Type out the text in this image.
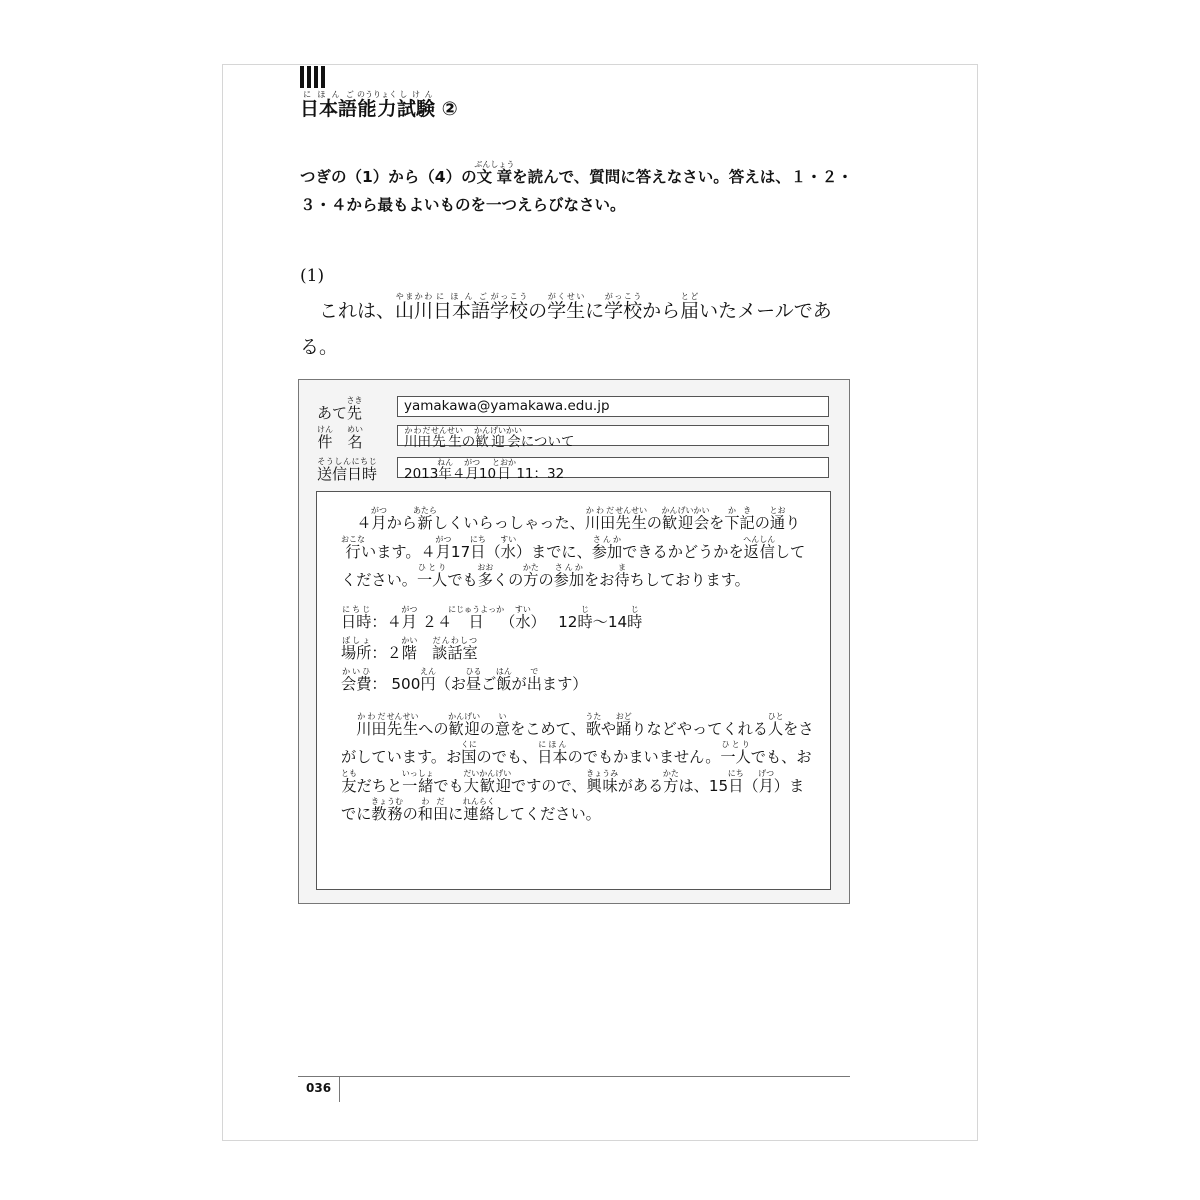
日本語にほんご能力のうりょく試験しけん ②
つぎの（1）から（4）の文章ぶんしょうを読んで、質問に答えなさい。答えは、１・２・３・４から最もよいものを一つえらびなさい。
(1)
これは、山川やまかわ日本語にほんご学校がっこうの学生がくせいに学校がっこうから届とどいたメールである。
あて先さき	yamakawa@yamakawa.edu.jp
件けん　名めい
川田かわだ先生せんせいの歓迎会かんげいかいについて
送信日時そうしんにちじ
2013年ねん４月がつ10日とおか 11：32

４月がつから新あたらしくいらっしゃった、川田かわだ先生せんせいの歓迎会かんげいかいを下記かきの通とおり行おこないます。４月がつ17日にち（水すい）までに、参加さんかできるかどうかを返信へんしんしてください。一人ひとりでも多おおくの方かたの参加さんかをお待まちしております。

日時にちじ：４月がつ ２４日にじゅうよっか（水すい）　 12時じ〜14時じ
場所ばしょ：２階かい　談話室だんわしつ
会費かいひ： 500円えん（お昼ひるご飯はんが出でます）

川田かわだ先生せんせいへの歓迎かんげいの意いをこめて、歌うたや踊おどりなどやってくれる人ひとをさがしています。お国くにのでも、日本にほんのでもかまいません。一人ひとりでも、お友ともだちと一緒いっしょでも大歓迎だいかんげいですので、興味きょうみがある方かたは、15日にち（月げつ）までに教務きょうむの和田わだに連絡れんらくしてください。

036
